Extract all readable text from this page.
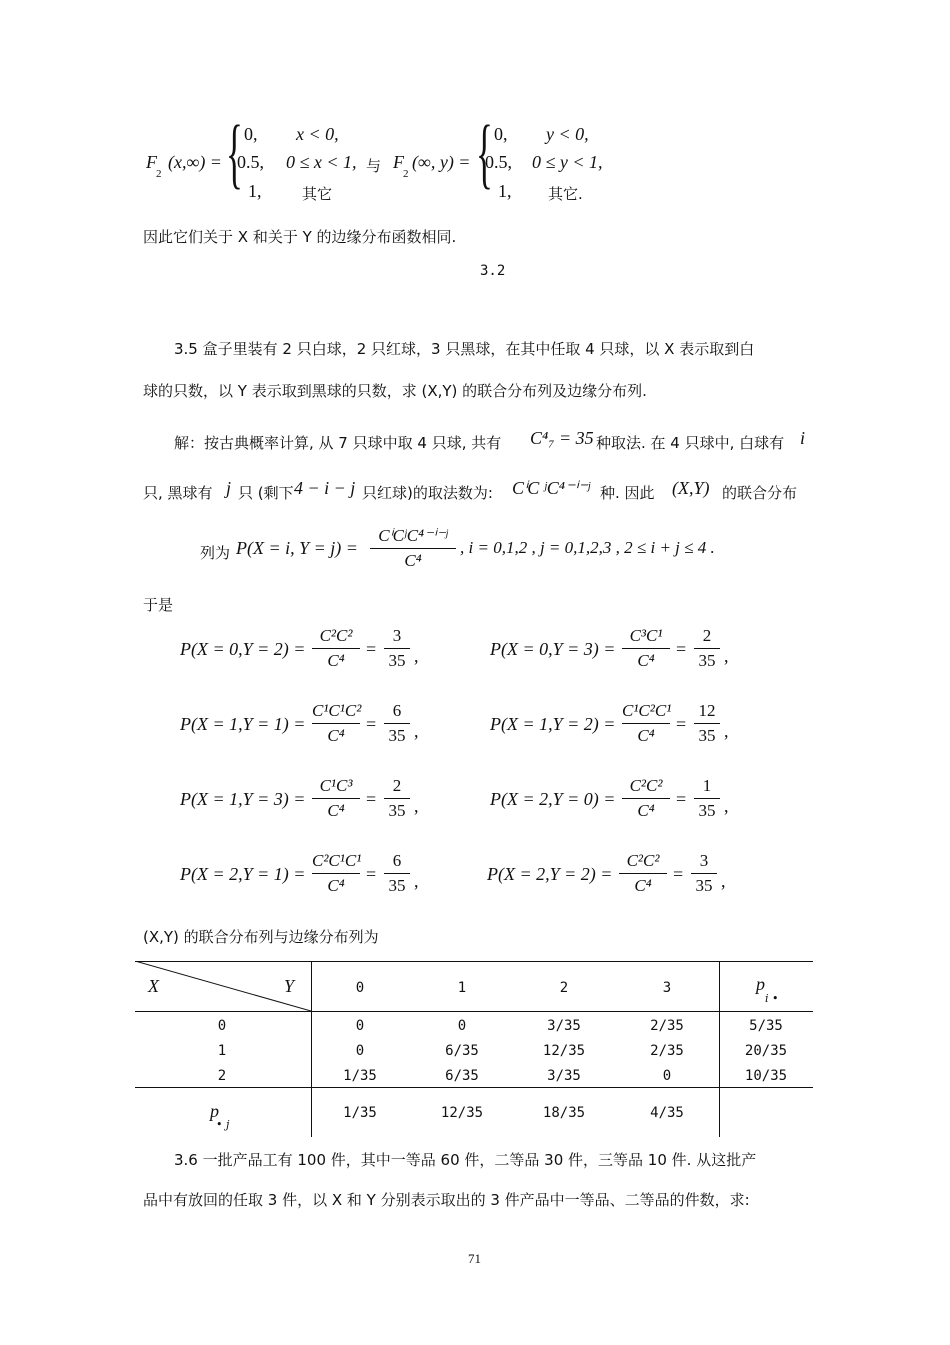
F
2
(x,∞) = { 0, x < 0,
0.5, 0 ≤ x < 1,
1,	其它
与 F
2
(∞, y) = { 0, y < 0,
0.5, 0 ≤ y < 1,
1, 其它.
因此它们关于 X 和关于 Y 的边缘分布函数相同.
3.2
3.5 盒子里装有 2 只白球，2 只红球，3 只黑球，在其中任取 4 只球，以 X 表示取到白
球的只数，以 Y 表示取到黑球的只数，求 (X,Y) 的联合分布列及边缘分布列.
解：按古典概率计算, 从 7 只球中取 4 只球, 共有 C⁴₇ = 35 种取法. 在 4 只球中, 白球有 i
只, 黑球有 j 只 (剩下 4 − i − j 只红球)的取法数为: CⁱC ʲC⁴⁻ⁱ⁻ʲ 种. 因此 (X,Y) 的联合分布
列为 P(X = i, Y = j) =
CⁱCʲC⁴⁻ⁱ⁻ʲ
C⁴
, i = 0,1,2 , j = 0,1,2,3 , 2 ≤ i + j ≤ 4 .
于是
P(X = 0,Y = 2) =
C²C²
C⁴
=
3
35 ,	P(X = 0,Y = 3) =
C³C¹
C⁴
=
2
35 ,
P(X = 1,Y = 1) =
C¹C¹C²
C⁴
=
6
35 ,	P(X = 1,Y = 2) =
C¹C²C¹
C⁴
=
12
35 ,
P(X = 1,Y = 3) =
C¹C³
C⁴
=
2
35 ,	P(X = 2,Y = 0) =
C²C²
C⁴
=
1
35 ,
P(X = 2,Y = 1) =
C²C¹C¹
C⁴
=
6
35 ,	P(X = 2,Y = 2) =
C²C²
C⁴
=
3
35 ,
(X,Y) 的联合分布列与边缘分布列为
X	Y	0	1	2	3	p
i •
0	0	0	3/35	2/35	5/35
1	0	6/35	12/35	2/35	20/35
2	1/35	6/35	3/35	0	10/35
p
• j
1/35	12/35	18/35	4/35
3.6 一批产品工有 100 件，其中一等品 60 件，二等品 30 件，三等品 10 件. 从这批产
品中有放回的任取 3 件，以 X 和 Y 分别表示取出的 3 件产品中一等品、二等品的件数，求:
71
